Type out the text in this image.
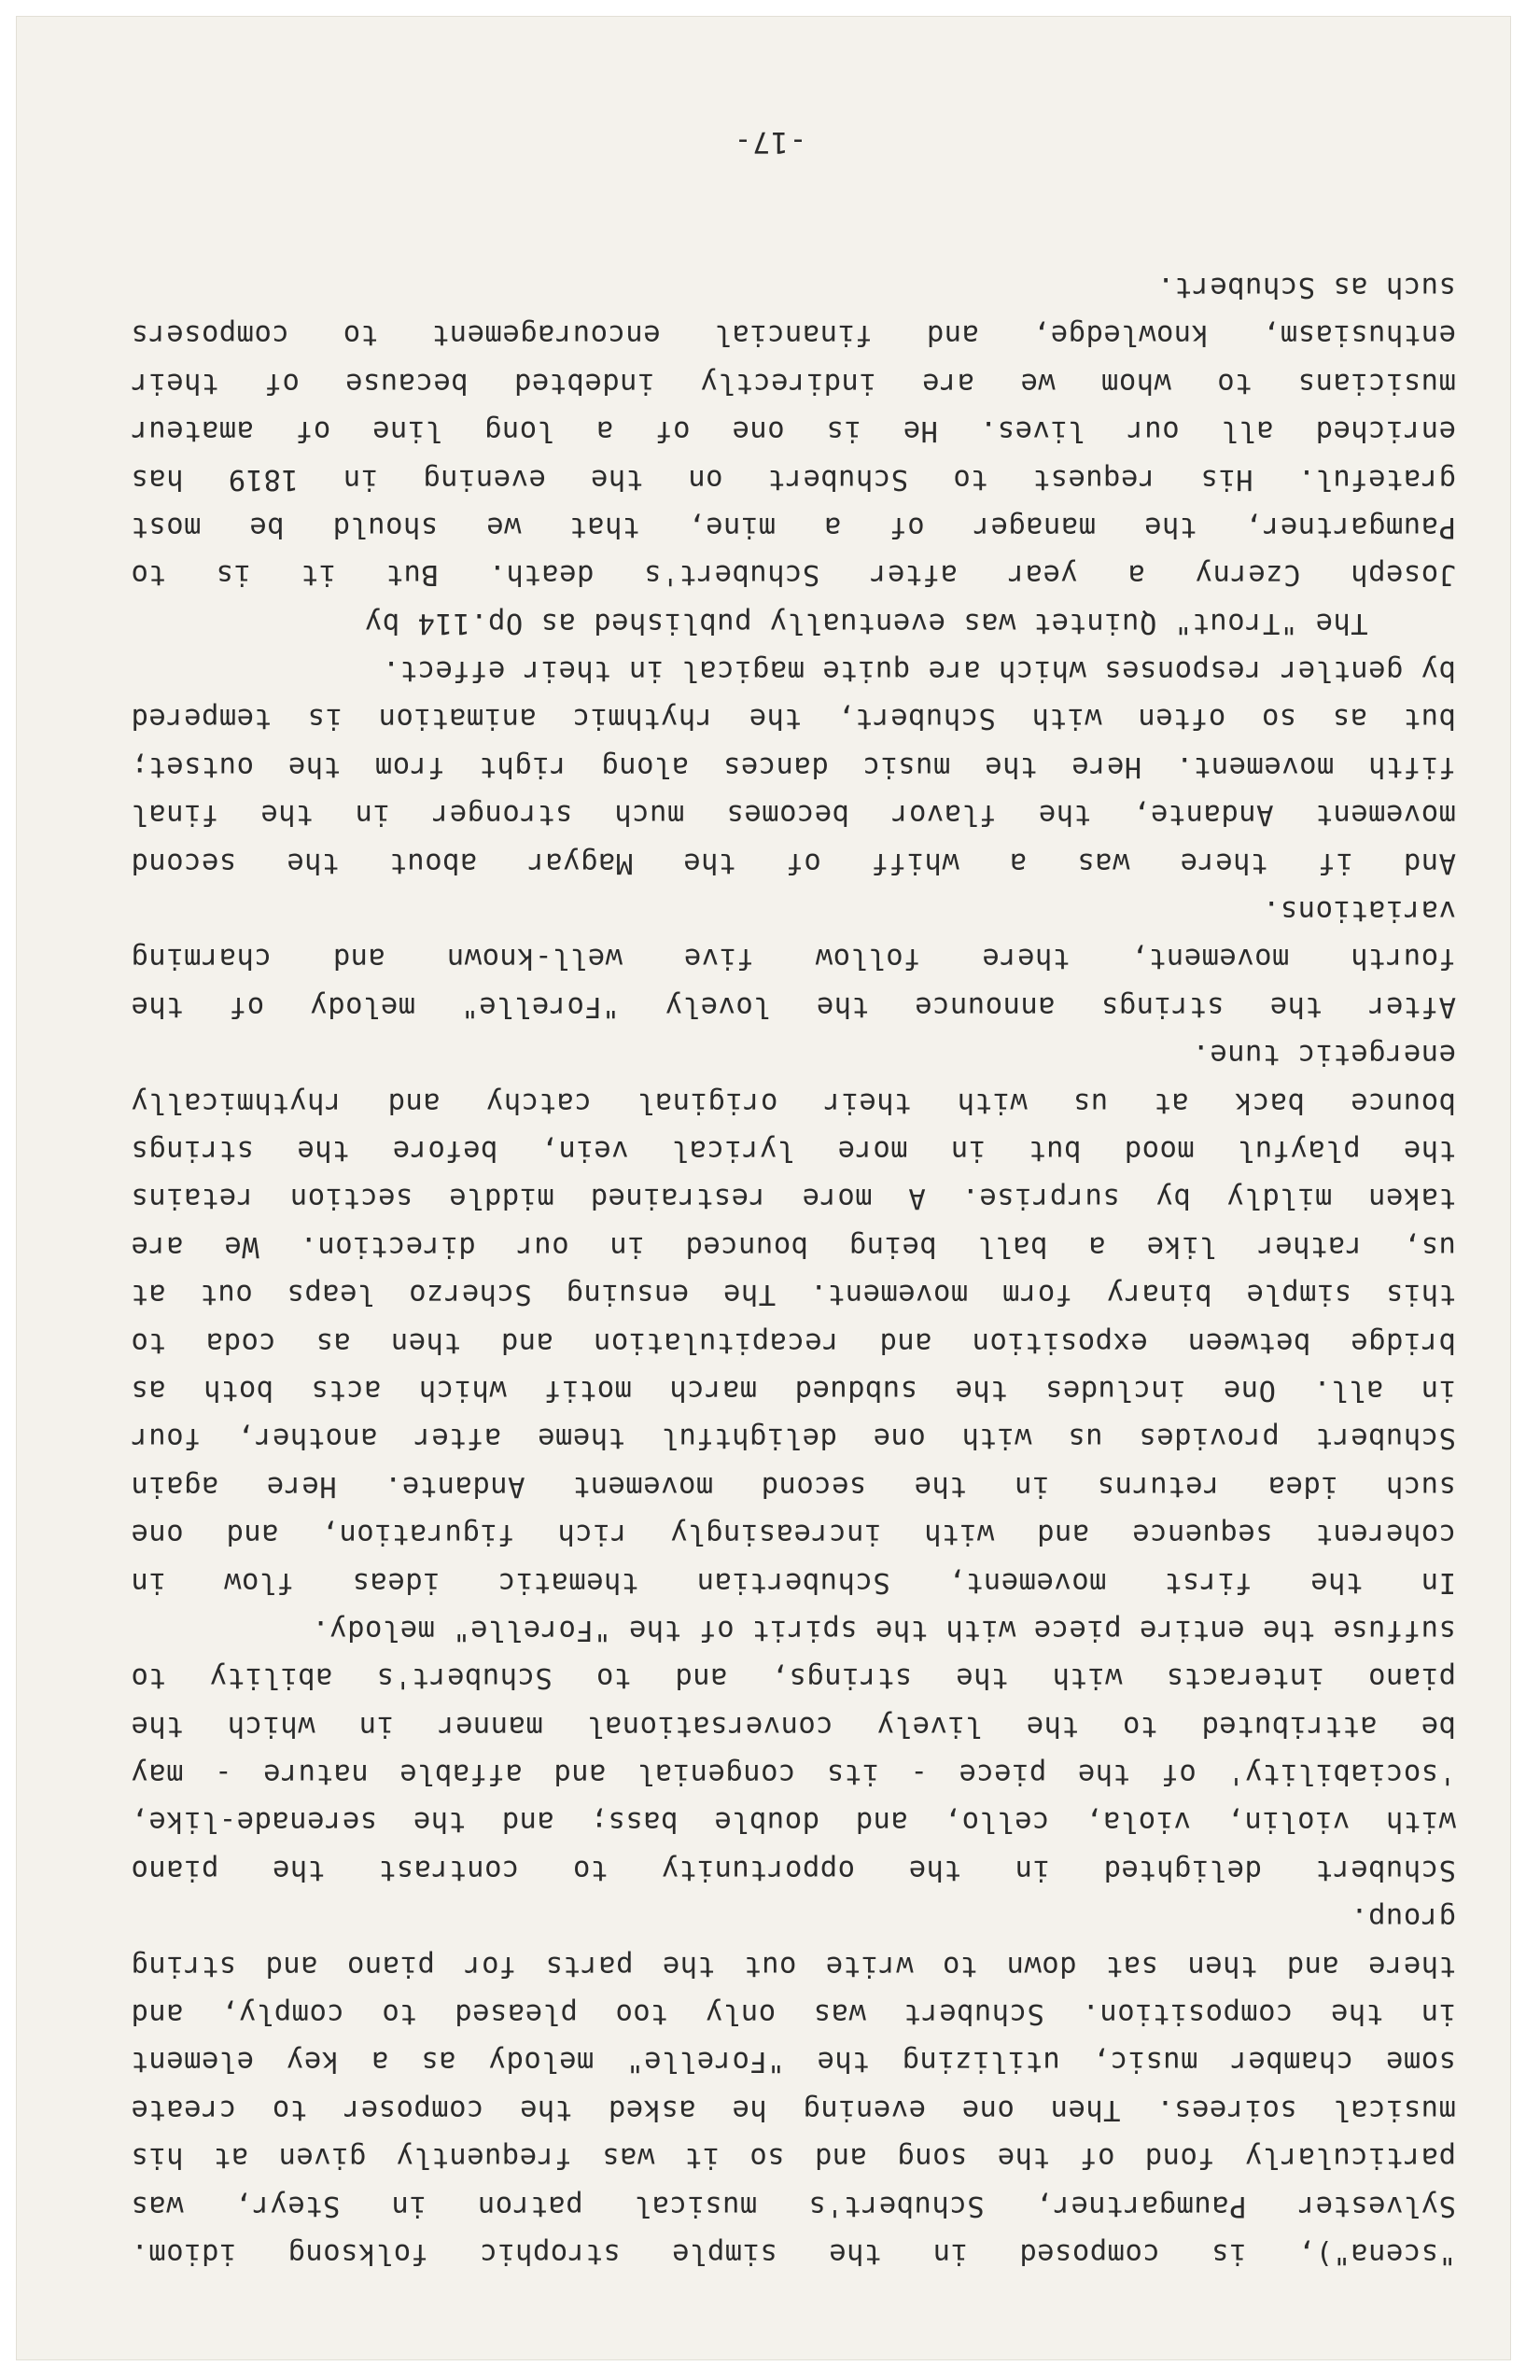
"scena"), is composed in the simple strophic folksong idiom.
Sylvester Paumgartner, Schubert's musical patron in Steyr, was
particularly fond of the song and so it was frequently given at his
musical soirees. Then one evening he asked the composer to create
some chamber music, utilizing the "Forelle" melody as a key element
in the composition. Schubert was only too pleased to comply, and
there and then sat down to write out the parts for piano and string
group.
Schubert delighted in the opportunity to contrast the piano
with violin, viola, cello, and double bass; and the serenade-like,
'sociability' of the piece - its congenial and affable nature - may
be attributed to the lively conversational manner in which the
piano interacts with the strings, and to Schubert's ability to
suffuse the entire piece with the spirit of the "Forelle" melody.
In the first movement, Schubertian thematic ideas flow in
coherent sequence and with increasingly rich figuration, and one
such idea returns in the second movement Andante. Here again
Schubert provides us with one delightful theme after another, four
in all. One includes the subdued march motif which acts both as
bridge between exposition and recapitulation and then as coda to
this simple binary form movement. The ensuing Scherzo leaps out at
us, rather like a ball being bounced in our direction. We are
taken mildly by surprise. A more restrained middle section retains
the playful mood but in more lyrical vein, before the strings
bounce back at us with their original catchy and rhythmically
energetic tune.
After the strings announce the lovely "Forelle" melody of the
fourth movement, there follow five well-known and charming
variations.
And if there was a whiff of the Magyar about the second
movement Andante, the flavor becomes much stronger in the final
fifth movement. Here the music dances along right from the outset;
but as so often with Schubert, the rhythmic animation is tempered
by gentler responses which are quite magical in their effect.
The "Trout" Quintet was eventually published as Op.114 by
Joseph Czerny a year after Schubert's death. But it is to
Paumgartner, the manager of a mine, that we should be most
grateful. His request to Schubert on the evening in 1819 has
enriched all our lives. He is one of a long line of amateur
musicians to whom we are indirectly indebted because of their
enthusiasm, knowledge, and financial encouragement to composers
such as Schubert.
-17-
